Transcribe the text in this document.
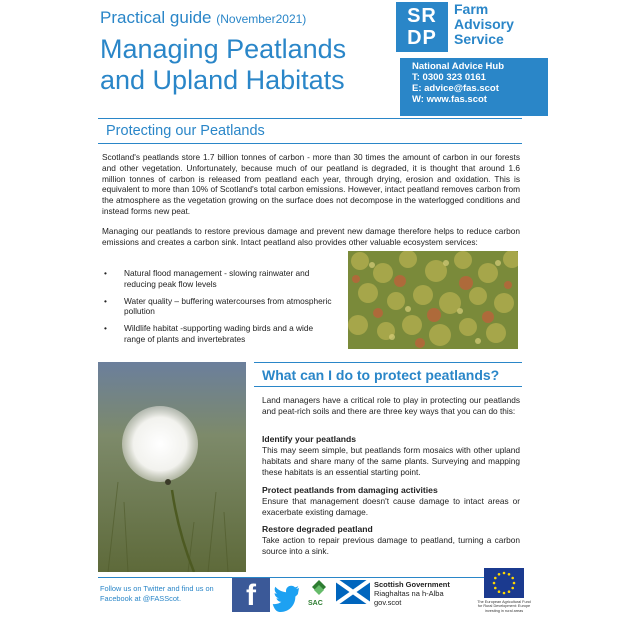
Practical guide (November2021)
Managing Peatlands
and Upland Habitats
SR
DP
Farm
Advisory
Service
National Advice Hub
T: 0300 323 0161
E: advice@fas.scot
W: www.fas.scot
Protecting our Peatlands

Scotland's peatlands store 1.7 billion tonnes of carbon - more than 30 times the amount of carbon in our forests and other vegetation. Unfortunately, because much of our peatland is degraded, it is thought that around 1.6 million tonnes of carbon is released from peatland each year, through drying, erosion and oxidation. This is equivalent to more than 10% of Scotland's total carbon emissions. However, intact peatland removes carbon from the atmosphere as the vegetation growing on the surface does not decompose in the waterlogged conditions and instead forms new peat.

Managing our peatlands to restore previous damage and prevent new damage therefore helps to reduce carbon emissions and creates a carbon sink. Intact peatland also provides other valuable ecosystem services:

• Natural flood management - slowing rainwater and reducing peak flow levels
• Water quality – buffering watercourses from atmospheric pollution
• Wildlife habitat -supporting wading birds and a wide range of plants and invertebrates
What can I do to protect peatlands?

Land managers have a critical role to play in protecting our peatlands and peat-rich soils and there are three key ways that you can do this:

Identify your peatlands

This may seem simple, but peatlands form mosaics with other upland habitats and share many of the same plants. Surveying and mapping these habitats is an essential starting point.

Protect peatlands from damaging activities

Ensure that management doesn't cause damage to intact areas or exacerbate existing damage.

Restore degraded peatland

Take action to repair previous damage to peatland, turning a carbon source into a sink.

Follow us on Twitter and find us on Facebook at @FASScot.	f	SAC
Scottish Government
Riaghaltas na h-Alba
gov.scot	The European Agricultural Fund for Rural Development: Europe investing in rural areas
